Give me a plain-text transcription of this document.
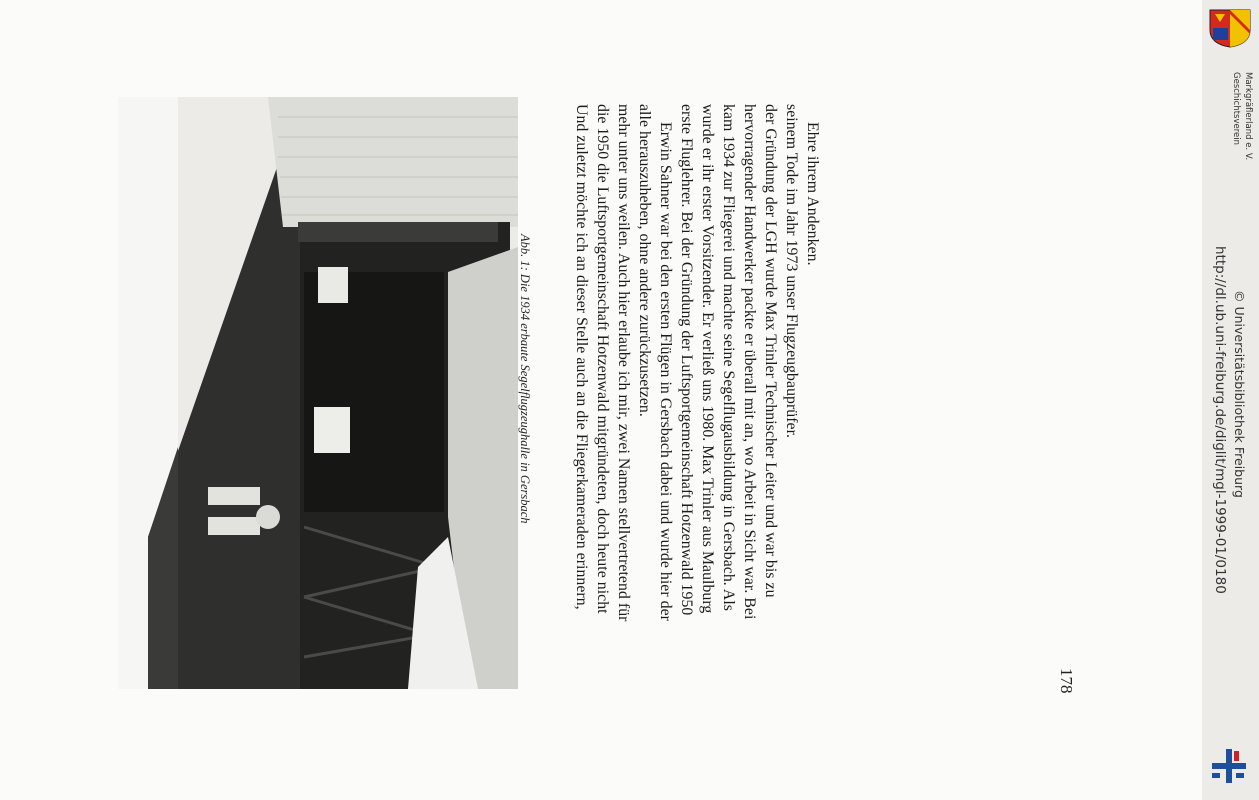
Abb. 1: Die 1934 erbaute Segelflugzeughalle in Gersbach	Und zuletzt möchte ich an dieser Stelle auch an die Fliegerkameraden erinnern, die 1950 die Luftsportgemeinschaft Hotzenwald mitgründeten, doch heute nicht mehr unter uns weilen. Auch hier erlaube ich mir, zwei Namen stellvertretend für alle herauszuheben, ohne andere zurückzusetzen. Erwin Sahner war bei den ersten Flügen in Gersbach dabei und wurde hier der erste Fluglehrer. Bei der Gründung der Luftsportgemeinschaft Hotzenwald 1950 wurde er ihr erster Vorsitzender. Er verließ uns 1980. Max Trinler aus Maulburg kam 1934 zur Fliegerei und machte seine Segelflugausbildung in Gersbach. Als hervorragender Handwerker packte er überall mit an, wo Arbeit in Sicht war. Bei der Gründung der LGH wurde Max Trinler Technischer Leiter und war bis zu seinem Tode im Jahr 1973 unser Flugzeugbauprüfer. Ehre ihrem Andenken.
178
Geschichtsverein Markgräflerland e. V.
http://dl.ub.uni-freiburg.de/diglit/mgl-1999-01/0180 © Universitätsbibliothek Freiburg
